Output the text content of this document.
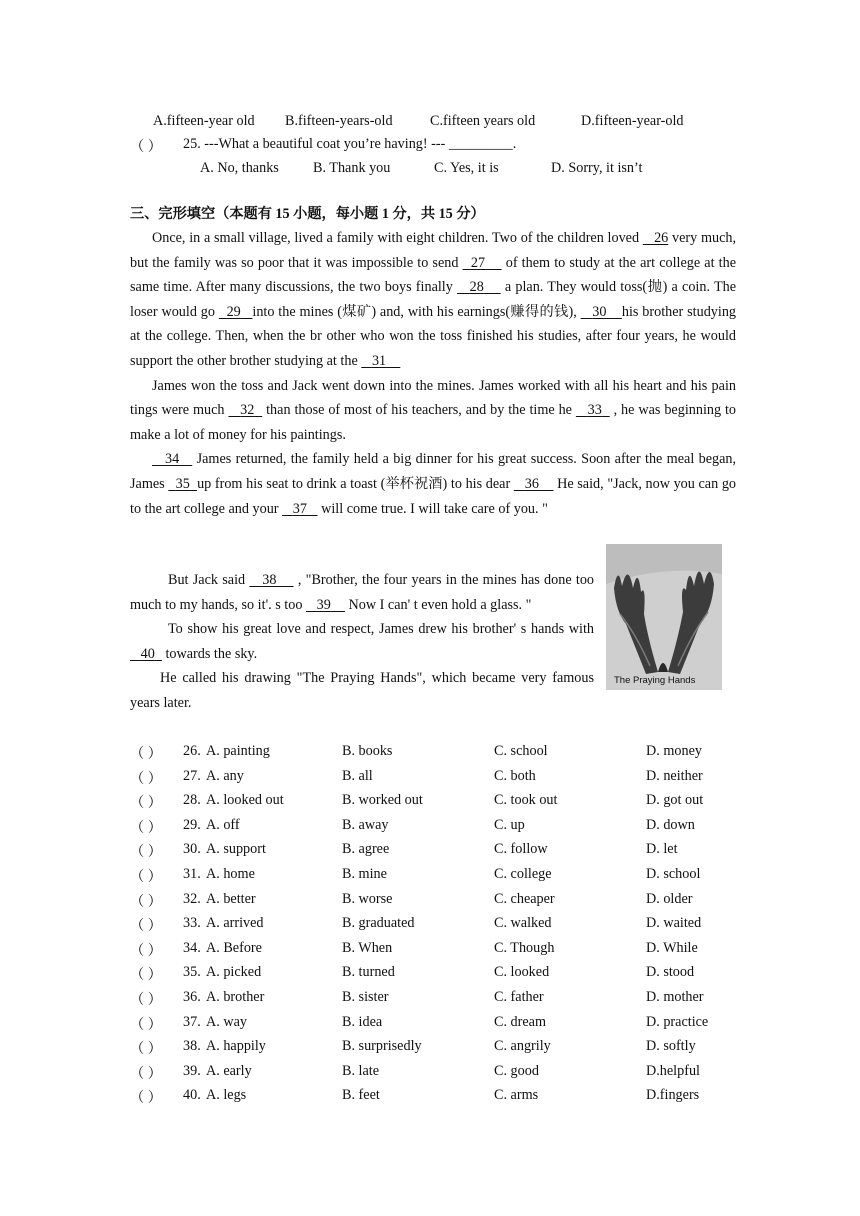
A.fifteen-year old B.fifteen-years-old	C.fifteen years old	D.fifteen-year-old
（ ） 25. ---What a beautiful coat you’re having! --- _________.
A. No, thanks B. Thank you	C. Yes, it is	D. Sorry, it isn’t
三、完形填空（本题有 15 小题，每小题 1 分，共 15 分）

Once, in a small village, lived a family with eight children. Two of the children loved    26 very much, but the family was so poor that it was impossible to send   27     of them to study at the art college at the same time. After many discussions, the two boys finally    28     a plan. They would toss(抛) a coin. The loser would go   29 into the mines (煤矿) and, with his earnings(赚得的钱),    30 his brother studying at the college. Then, when the br other who won the toss finished his studies, after four years, he would support the other brother studying at the    31

James won the toss and Jack went down into the mines. James worked with all his heart and his pain tings were much    32   than those of most of his teachers, and by the time he    33   , he was beginning to make a lot of money for his paintings.

34    James returned, the family held a big dinner for his great success. Soon after the meal began, James   35 up from his seat to drink a toast (举杯祝酒) to his dear    36     He said, "Jack, now you can go to the art college and your    37    will come true. I will take care of you. "

But Jack said    38     , "Brother, the four years in the mines has done too much to my hands, so it'. s too    39     Now I can' t even hold a glass. "

To show his great love and respect, James drew his brother' s hands with    40   towards the sky.

He called his drawing "The Praying Hands", which became very famous years later.

The Praying Hands
（ ） 26. A. painting	B. books	C. school	D. money
（ ） 27. A. any	B. all	C. both	D. neither
（ ） 28. A. looked out	B. worked out	C. took out	D. got out
（ ） 29. A. off	B. away	C. up	D. down
（ ） 30. A. support	B. agree	C. follow	D. let
（ ） 31. A. home	B. mine	C. college	D. school
（ ） 32. A. better	B. worse	C. cheaper	D. older
（ ） 33. A. arrived	B. graduated	C. walked	D. waited
（ ） 34. A. Before	B. When	C. Though	D. While
（ ） 35. A. picked	B. turned	C. looked	D. stood
（ ） 36. A. brother	B. sister	C. father	D. mother
（ ） 37. A. way	B. idea	C. dream	D. practice
（ ） 38. A. happily	B. surprisedly	C. angrily	D. softly
（ ） 39. A. early	B. late	C. good	D.helpful
（ ） 40. A. legs	B. feet	C. arms	D.fingers
